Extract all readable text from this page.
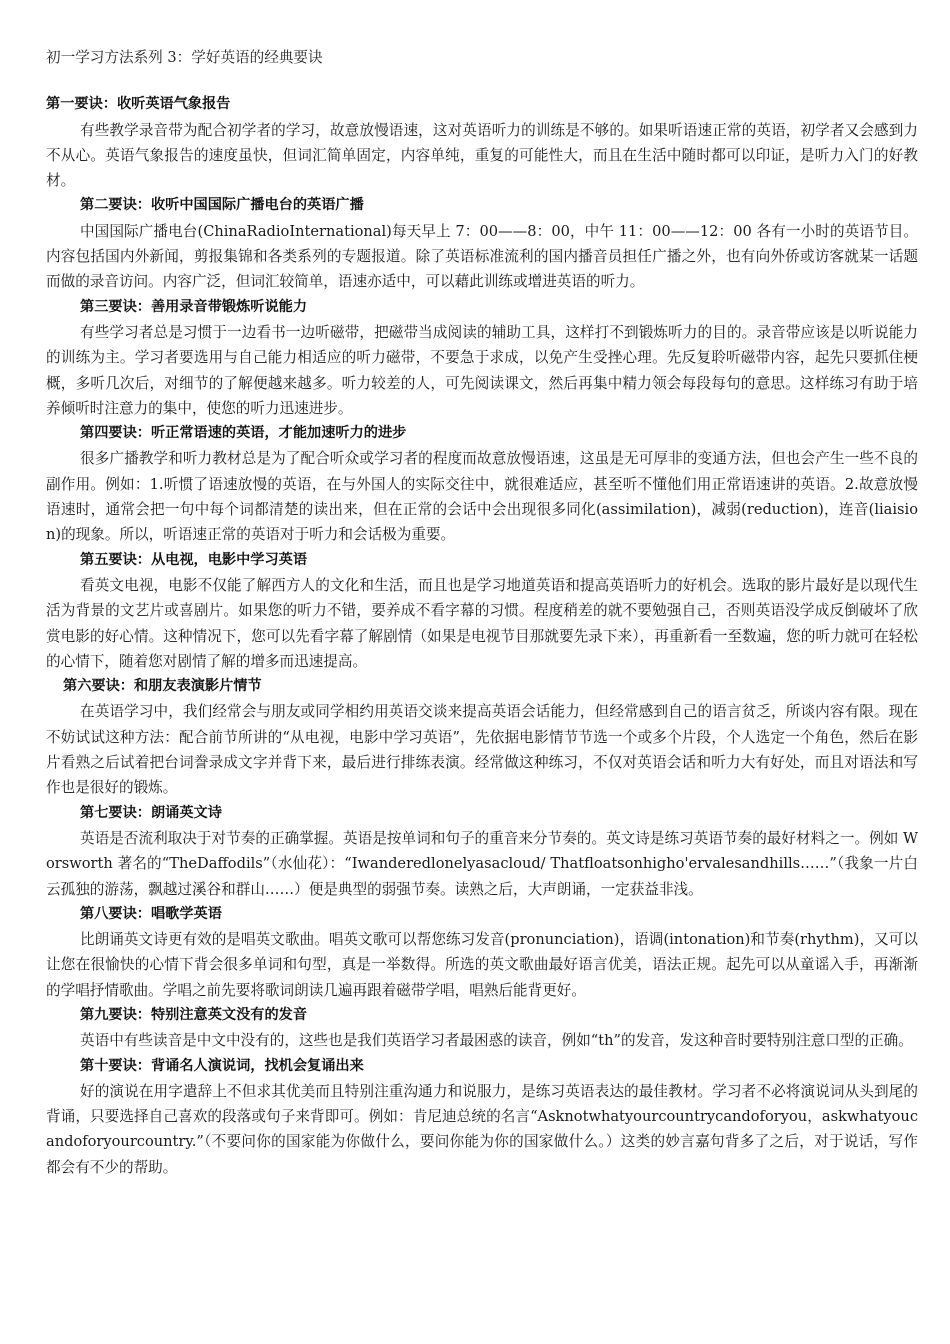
初一学习方法系列 3：学好英语的经典要诀
第一要诀：收听英语气象报告

有些教学录音带为配合初学者的学习，故意放慢语速，这对英语听力的训练是不够的。如果听语速正常的英语，初学者又会感到力不从心。英语气象报告的速度虽快，但词汇简单固定，内容单纯，重复的可能性大，而且在生活中随时都可以印证，是听力入门的好教材。

第二要诀：收听中国国际广播电台的英语广播

中国国际广播电台(ChinaRadioInternational)每天早上 7：00——8：00，中午 11：00——12：00 各有一小时的英语节目。内容包括国内外新闻，剪报集锦和各类系列的专题报道。除了英语标准流利的国内播音员担任广播之外，也有向外侨或访客就某一话题而做的录音访问。内容广泛，但词汇较简单，语速亦适中，可以藉此训练或增进英语的听力。

第三要诀：善用录音带锻炼听说能力

有些学习者总是习惯于一边看书一边听磁带，把磁带当成阅读的辅助工具，这样打不到锻炼听力的目的。录音带应该是以听说能力的训练为主。学习者要选用与自己能力相适应的听力磁带，不要急于求成，以免产生受挫心理。先反复聆听磁带内容，起先只要抓住梗概，多听几次后，对细节的了解便越来越多。听力较差的人，可先阅读课文，然后再集中精力领会每段每句的意思。这样练习有助于培养倾听时注意力的集中，使您的听力迅速进步。

第四要诀：听正常语速的英语，才能加速听力的进步

很多广播教学和听力教材总是为了配合听众或学习者的程度而故意放慢语速，这虽是无可厚非的变通方法，但也会产生一些不良的副作用。例如：1.听惯了语速放慢的英语，在与外国人的实际交往中，就很难适应，甚至听不懂他们用正常语速讲的英语。2.故意放慢语速时，通常会把一句中每个词都清楚的读出来，但在正常的会话中会出现很多同化(assimilation)，减弱(reduction)，连音(liaision)的现象。所以，听语速正常的英语对于听力和会话极为重要。

第五要诀：从电视，电影中学习英语

看英文电视，电影不仅能了解西方人的文化和生活，而且也是学习地道英语和提高英语听力的好机会。选取的影片最好是以现代生活为背景的文艺片或喜剧片。如果您的听力不错，要养成不看字幕的习惯。程度稍差的就不要勉强自己，否则英语没学成反倒破坏了欣赏电影的好心情。这种情况下，您可以先看字幕了解剧情（如果是电视节目那就要先录下来），再重新看一至数遍，您的听力就可在轻松的心情下，随着您对剧情了解的增多而迅速提高。

第六要诀：和朋友表演影片情节

在英语学习中，我们经常会与朋友或同学相约用英语交谈来提高英语会话能力，但经常感到自己的语言贫乏，所谈内容有限。现在不妨试试这种方法：配合前节所讲的“从电视，电影中学习英语”，先依据电影情节节选一个或多个片段，个人选定一个角色，然后在影片看熟之后试着把台词誊录成文字并背下来，最后进行排练表演。经常做这种练习，不仅对英语会话和听力大有好处，而且对语法和写作也是很好的锻炼。

第七要诀：朗诵英文诗

英语是否流利取决于对节奏的正确掌握。英语是按单词和句子的重音来分节奏的。英文诗是练习英语节奏的最好材料之一。例如 Worsworth 著名的“TheDaffodils”（水仙花）：“Iwanderedlonelyasacloud/ Thatfloatsonhigho'ervalesandhills……”（我象一片白云孤独的游荡，飘越过溪谷和群山……）便是典型的弱强节奏。读熟之后，大声朗诵，一定获益非浅。

第八要诀：唱歌学英语

比朗诵英文诗更有效的是唱英文歌曲。唱英文歌可以帮您练习发音(pronunciation)，语调(intonation)和节奏(rhythm)，又可以让您在很愉快的心情下背会很多单词和句型，真是一举数得。所选的英文歌曲最好语言优美，语法正规。起先可以从童谣入手，再渐渐的学唱抒情歌曲。学唱之前先要将歌词朗读几遍再跟着磁带学唱，唱熟后能背更好。

第九要诀：特别注意英文没有的发音

英语中有些读音是中文中没有的，这些也是我们英语学习者最困惑的读音，例如“th”的发音，发这种音时要特别注意口型的正确。

第十要诀：背诵名人演说词，找机会复诵出来

好的演说在用字遣辞上不但求其优美而且特别注重沟通力和说服力，是练习英语表达的最佳教材。学习者不必将演说词从头到尾的背诵，只要选择自己喜欢的段落或句子来背即可。例如：肯尼迪总统的名言“Asknotwhatyourcountrycandoforyou，askwhatyoucandoforyourcountry.”（不要问你的国家能为你做什么，要问你能为你的国家做什么。）这类的妙言嘉句背多了之后，对于说话，写作都会有不少的帮助。
